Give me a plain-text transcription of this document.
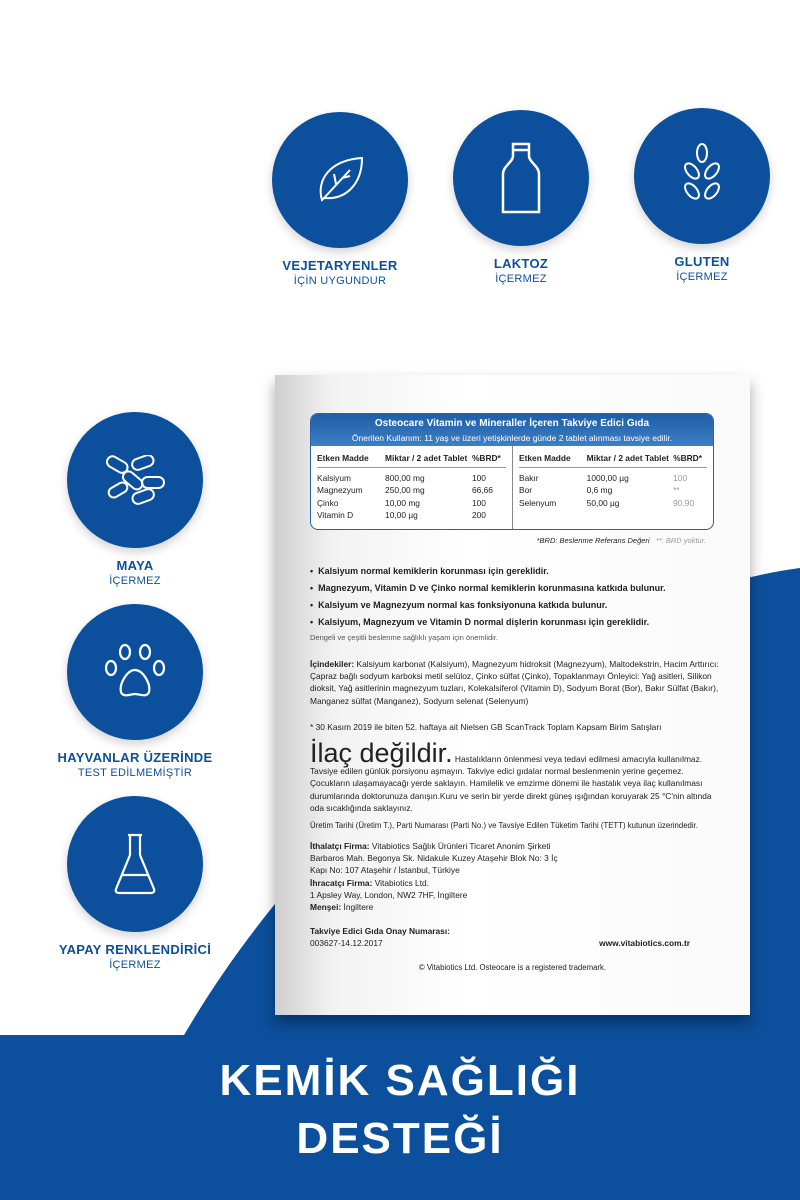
VEJETARYENLER
İÇİN UYGUNDUR
LAKTOZ
İÇERMEZ
GLUTEN
İÇERMEZ
MAYA
İÇERMEZ
HAYVANLAR ÜZERİNDE
TEST EDİLMEMİŞTİR
YAPAY RENKLENDİRİCİ
İÇERMEZ
Osteocare Vitamin ve Mineraller İçeren Takviye Edici Gıda
Önerilen Kullanım: 11 yaş ve üzeri yetişkinlerde günde 2 tablet alınması tavsiye edilir.
Etken Madde	Miktar / 2 adet Tablet %BRD*
Kalsiyum	800,00 mg	100
Magnezyum	250,00 mg	66,66
Çinko	10,00 mg	100
Vitamin D	10,00 µg	200
Etken Madde	Miktar / 2 adet Tablet %BRD*
Bakır	1000,00 µg	100
Bor	0,6 mg	**
Selenyum	50,00 µg	90,90
*BRD: Beslenme Referans Değeri **: BRD yoktur.
•  Kalsiyum normal kemiklerin korunması için gereklidir.
•  Magnezyum, Vitamin D ve Çinko normal kemiklerin korunmasına katkıda bulunur.
•  Kalsiyum ve Magnezyum normal kas fonksiyonuna katkıda bulunur.
•  Kalsiyum, Magnezyum ve Vitamin D normal dişlerin korunması için gereklidir.
Dengeli ve çeşitli beslenme sağlıklı yaşam için önemlidir.
İçindekiler: Kalsiyum karbonat (Kalsiyum), Magnezyum hidroksit (Magnezyum), Maltodekstrin, Hacim Arttırıcı: Çapraz bağlı sodyum karboksi metil selüloz, Çinko sülfat (Çinko), Topaklanmayı Önleyici: Yağ asitleri, Silikon dioksit, Yağ asitlerinin magnezyum tuzları, Kolekalsiferol (Vitamin D), Sodyum Borat (Bor), Bakır Sülfat (Bakır), Manganez sülfat (Manganez), Sodyum selenat (Selenyum)
* 30 Kasım 2019 ile biten 52. haftaya ait Nielsen GB ScanTrack Toplam Kapsam Birim Satışları
İlaç değildir. Hastalıkların önlenmesi veya tedavi edilmesi amacıyla kullanılmaz. Tavsiye edilen günlük porsiyonu aşmayın. Takviye edici gıdalar normal beslenmenin yerine geçemez. Çocukların ulaşamayacağı yerde saklayın. Hamilelik ve emzirme dönemi ile hastalık veya ilaç kullanılması durumlarında doktorunuza danışın.Kuru ve serin bir yerde direkt güneş ışığından koruyarak 25 °C'nin altında oda sıcaklığında saklayınız.
Üretim Tarihi (Üretim T.), Parti Numarası (Parti No.) ve Tavsiye Edilen Tüketim Tarihi (TETT) kutunun üzerindedir.
İthalatçı Firma: Vitabiotics Sağlık Ürünleri Ticaret Anonim Şirketi
Barbaros Mah. Begonya Sk. Nidakule Kuzey Ataşehir Blok No: 3 İç
Kapı No: 107 Ataşehir / İstanbul, Türkiye
İhracatçı Firma: Vitabiotics Ltd.
1 Apsley Way, London, NW2 7HF, İngiltere
Menşei: İngiltere
Takviye Edici Gıda Onay Numarası:
003627-14.12.2017	www.vitabiotics.com.tr
© Vitabiotics Ltd. Osteocare is a registered trademark.
KEMİK SAĞLIĞI
DESTEĞİ
